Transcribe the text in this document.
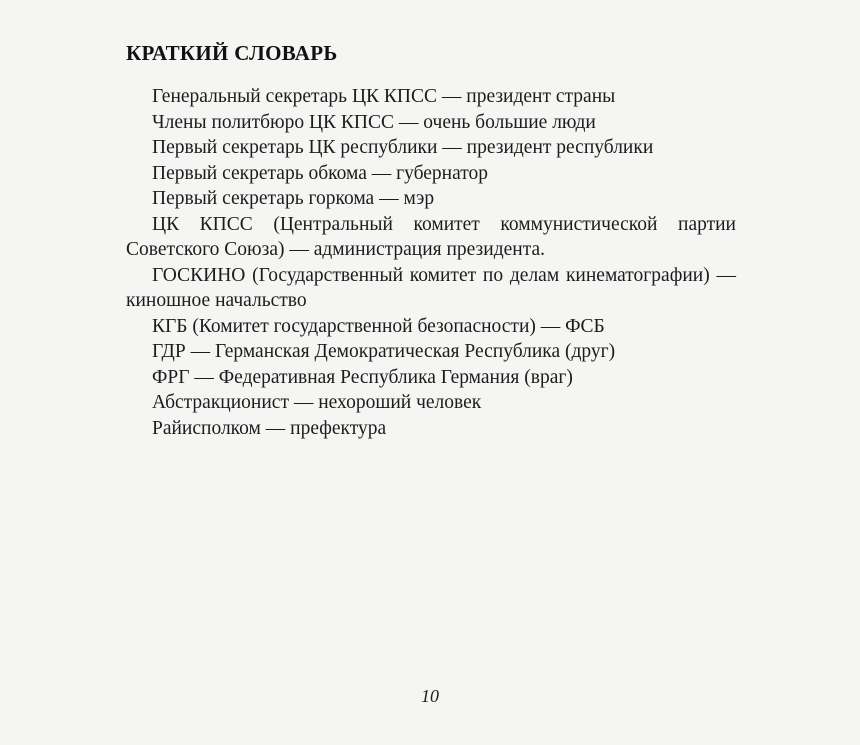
КРАТКИЙ СЛОВАРЬ

Генеральный секретарь ЦК КПСС — президент страны

Члены политбюро ЦК КПСС — очень большие люди

Первый секретарь ЦК республики — президент республики

Первый секретарь обкома — губернатор

Первый секретарь горкома — мэр

ЦК КПСС (Центральный комитет коммунистической партии Советского Союза) — администрация президента.

ГОСКИНО (Государственный комитет по делам кинематографии) — киношное начальство

КГБ (Комитет государственной безопасности) — ФСБ

ГДР — Германская Демократическая Республика (друг)

ФРГ — Федеративная Республика Германия (враг)

Абстракционист — нехороший человек

Райисполком — префектура

10
